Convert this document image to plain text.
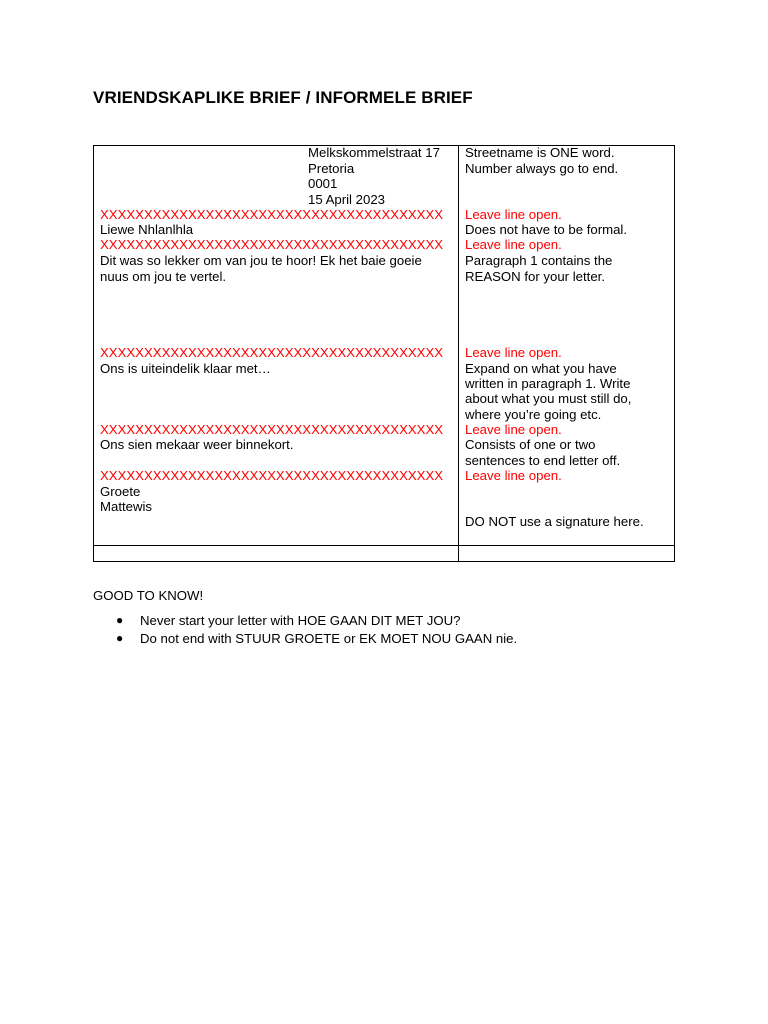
VRIENDSKAPLIKE BRIEF / INFORMELE BRIEF
Melkskommelstraat 17
Pretoria
0001
15 April 2023
XXXXXXXXXXXXXXXXXXXXXXXXXXXXXXXXXXXXXXX
Liewe Nhlanlhla
XXXXXXXXXXXXXXXXXXXXXXXXXXXXXXXXXXXXXXX
Dit was so lekker om van jou te hoor! Ek het baie goeie
nuus om jou te vertel.
XXXXXXXXXXXXXXXXXXXXXXXXXXXXXXXXXXXXXXX
Ons is uiteindelik klaar met…
XXXXXXXXXXXXXXXXXXXXXXXXXXXXXXXXXXXXXXX
Ons sien mekaar weer binnekort.
XXXXXXXXXXXXXXXXXXXXXXXXXXXXXXXXXXXXXXX
Groete
Mattewis
Streetname is ONE word.
Number always go to end.
Leave line open.
Does not have to be formal.
Leave line open.
Paragraph 1 contains the
REASON for your letter.
Leave line open.
Expand on what you have
written in paragraph 1. Write
about what you must still do,
where you’re going etc.
Leave line open.
Consists of one or two
sentences to end letter off.
Leave line open.
DO NOT use a signature here.
GOOD TO KNOW!
● Never start your letter with HOE GAAN DIT MET JOU?
● Do not end with STUUR GROETE or EK MOET NOU GAAN nie.
